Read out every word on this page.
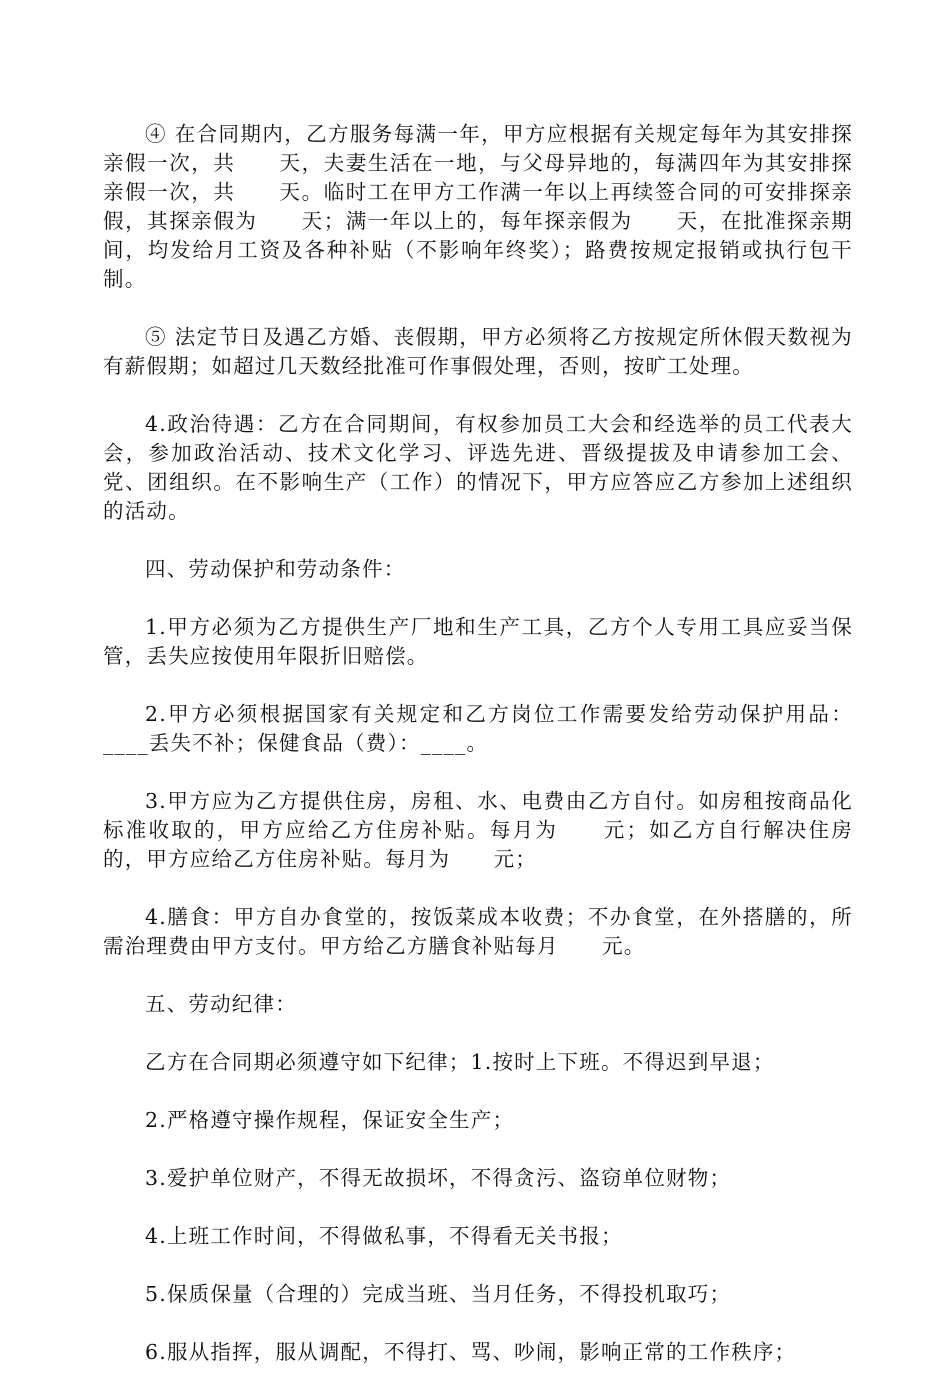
④ 在合同期内，乙方服务每满一年，甲方应根据有关规定每年为其安排探亲假一次，共　　天，夫妻生活在一地，与父母异地的，每满四年为其安排探亲假一次，共　　天。临时工在甲方工作满一年以上再续签合同的可安排探亲假，其探亲假为　　天；满一年以上的，每年探亲假为　　天，在批准探亲期间，均发给月工资及各种补贴（不影响年终奖）；路费按规定报销或执行包干制。

⑤ 法定节日及遇乙方婚、丧假期，甲方必须将乙方按规定所休假天数视为有薪假期；如超过几天数经批准可作事假处理，否则，按旷工处理。

4.政治待遇：乙方在合同期间，有权参加员工大会和经选举的员工代表大会，参加政治活动、技术文化学习、评选先进、晋级提拔及申请参加工会、党、团组织。在不影响生产（工作）的情况下，甲方应答应乙方参加上述组织的活动。

四、劳动保护和劳动条件：

1.甲方必须为乙方提供生产厂地和生产工具，乙方个人专用工具应妥当保管，丢失应按使用年限折旧赔偿。

2.甲方必须根据国家有关规定和乙方岗位工作需要发给劳动保护用品：____丢失不补；保健食品（费）：____。

3.甲方应为乙方提供住房，房租、水、电费由乙方自付。如房租按商品化标准收取的，甲方应给乙方住房补贴。每月为　　元；如乙方自行解决住房的，甲方应给乙方住房补贴。每月为　　元；

4.膳食：甲方自办食堂的，按饭菜成本收费；不办食堂，在外搭膳的，所需治理费由甲方支付。甲方给乙方膳食补贴每月　　元。

五、劳动纪律：

乙方在合同期必须遵守如下纪律；1.按时上下班。不得迟到早退；

2.严格遵守操作规程，保证安全生产；

3.爱护单位财产，不得无故损坏，不得贪污、盗窃单位财物；

4.上班工作时间，不得做私事，不得看无关书报；

5.保质保量（合理的）完成当班、当月任务，不得投机取巧；

6.服从指挥，服从调配，不得打、骂、吵闹，影响正常的工作秩序；
